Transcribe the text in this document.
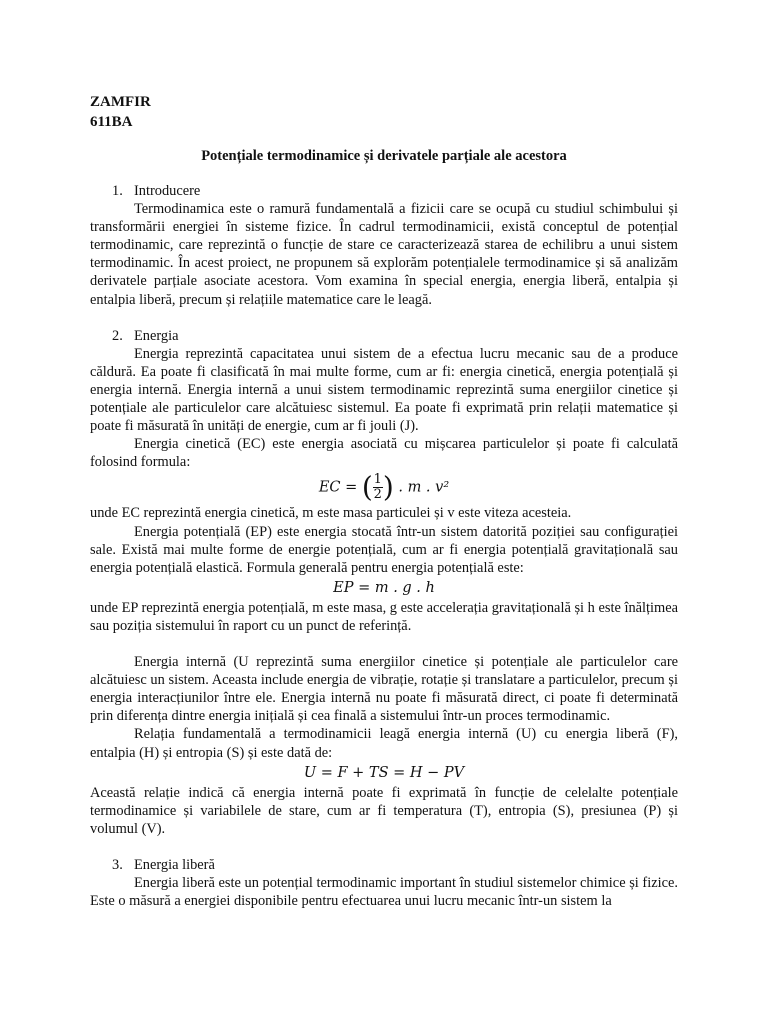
ZAMFIR
611BA
Potențiale termodinamice și derivatele parțiale ale acestora
1. Introducere

Termodinamica este o ramură fundamentală a fizicii care se ocupă cu studiul schimbului și transformării energiei în sisteme fizice. În cadrul termodinamicii, există conceptul de potențial termodinamic, care reprezintă o funcție de stare ce caracterizează starea de echilibru a unui sistem termodinamic. În acest proiect, ne propunem să explorăm potențialele termodinamice și să analizăm derivatele parțiale asociate acestora. Vom examina în special energia, energia liberă, entalpia și entalpia liberă, precum și relațiile matematice care le leagă.

2. Energia

Energia reprezintă capacitatea unui sistem de a efectua lucru mecanic sau de a produce căldură. Ea poate fi clasificată în mai multe forme, cum ar fi: energia cinetică, energia potențială și energia internă. Energia internă a unui sistem termodinamic reprezintă suma energiilor cinetice și potențiale ale particulelor care alcătuiesc sistemul. Ea poate fi exprimată prin relații matematice și poate fi măsurată în unități de energie, cum ar fi jouli (J).

Energia cinetică (EC) este energia asociată cu mișcarea particulelor și poate fi calculată folosind formula:

EC = ( $\frac{1}{2}$ ) . m . v²

unde EC reprezintă energia cinetică, m este masa particulei și v este viteza acesteia.

Energia potențială (EP) este energia stocată într-un sistem datorită poziției sau configurației sale. Există mai multe forme de energie potențială, cum ar fi energia potențială gravitațională sau energia potențială elastică. Formula generală pentru energia potențială este:

EP = m . g . h

unde EP reprezintă energia potențială, m este masa, g este accelerația gravitațională și h este înălțimea sau poziția sistemului în raport cu un punct de referință.

Energia internă (U reprezintă suma energiilor cinetice și potențiale ale particulelor care alcătuiesc un sistem. Aceasta include energia de vibrație, rotație și translatare a particulelor, precum și energia interacțiunilor între ele. Energia internă nu poate fi măsurată direct, ci poate fi determinată prin diferența dintre energia inițială și cea finală a sistemului într-un proces termodinamic.

Relația fundamentală a termodinamicii leagă energia internă (U) cu energia liberă (F), entalpia (H) și entropia (S) și este dată de:

U = F + TS = H − PV

Această relație indică că energia internă poate fi exprimată în funcție de celelalte potențiale termodinamice și variabilele de stare, cum ar fi temperatura (T), entropia (S), presiunea (P) și volumul (V).

3. Energia liberă

Energia liberă este un potențial termodinamic important în studiul sistemelor chimice și fizice. Este o măsură a energiei disponibile pentru efectuarea unui lucru mecanic într-un sistem la
